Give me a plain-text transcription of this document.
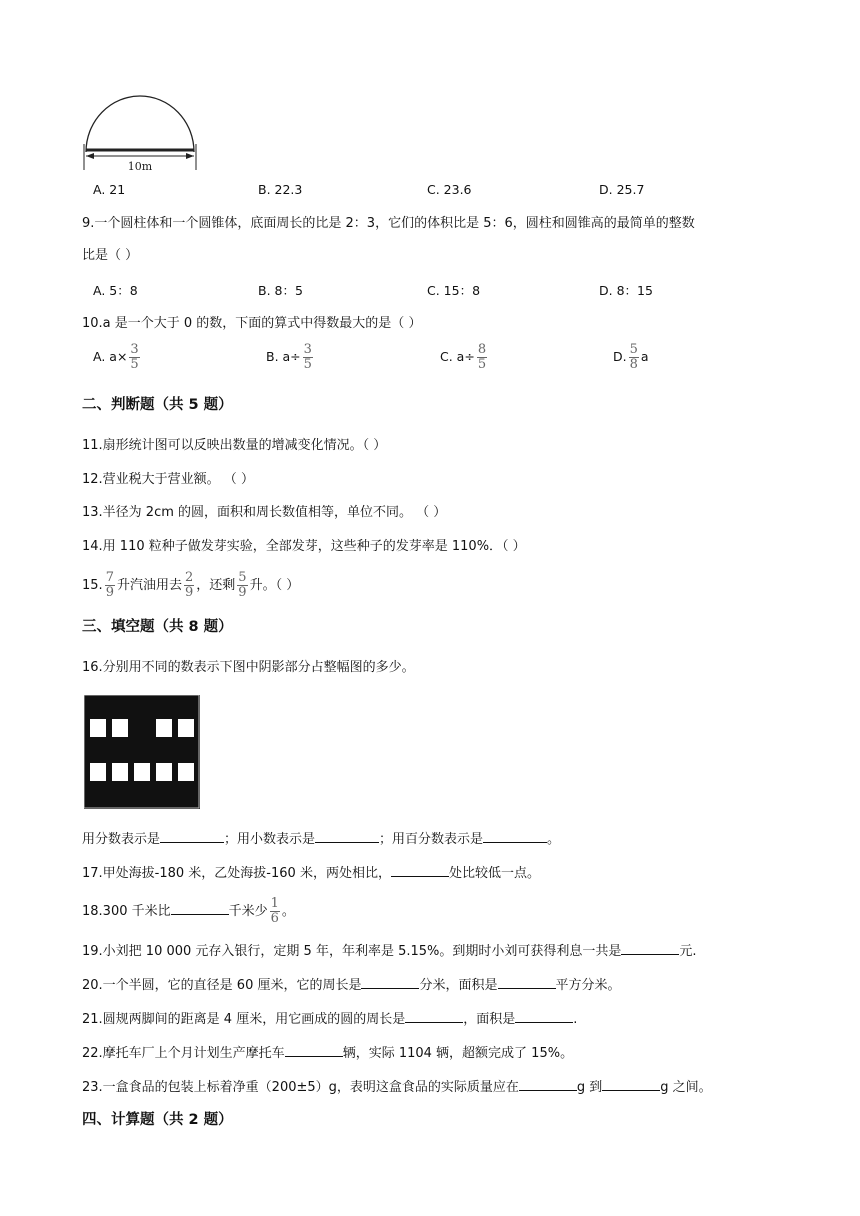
10m
A. 21	B. 22.3	C. 23.6	D. 25.7
9.一个圆柱体和一个圆锥体，底面周长的比是 2：3，它们的体积比是 5：6，圆柱和圆锥高的最简单的整数
比是（ ）
A. 5：8	B. 8：5	C. 15：8	D. 8：15
10.a 是一个大于 0 的数，下面的算式中得数最大的是（ ）
A. $a\times \frac{3}{5}$	B. $a\div \frac{3}{5}$	C. $a\div \frac{8}{5}$	D. $\frac{5}{8}$ a
二、判断题（共 5 题）
11.扇形统计图可以反映出数量的增减变化情况。（ ）
12.营业税大于营业额。 （ ）
13.半径为 2cm 的圆，面积和周长数值相等，单位不同。 （ ）
14.用 110 粒种子做发芽实验，全部发芽，这些种子的发芽率是 110%．（ ）
15. $\frac{7}{9}$ 升汽油用去 $\frac{2}{9}$ ，还剩 $\frac{5}{9}$ 升。（ ）
三、填空题（共 8 题）
16.分别用不同的数表示下图中阴影部分占整幅图的多少。
用分数表示是	；用小数表示是	；用百分数表示是	。
17.甲处海拔-180 米，乙处海拔-160 米，两处相比，	处比较低一点。
18.300 千米比	千米少 $\frac{1}{6}$ 。
19.小刘把 10 000 元存入银行，定期 5 年，年利率是 5.15%。到期时小刘可获得利息一共是	元.
20.一个半圆，它的直径是 60 厘米，它的周长是	分米，面积是	平方分米。
21.圆规两脚间的距离是 4 厘米，用它画成的圆的周长是	，面积是	.
22.摩托车厂上个月计划生产摩托车	辆，实际 1104 辆，超额完成了 15%。
23.一盒食品的包装上标着净重（200±5）g，表明这盒食品的实际质量应在	g 到	g 之间。
四、计算题（共 2 题）
